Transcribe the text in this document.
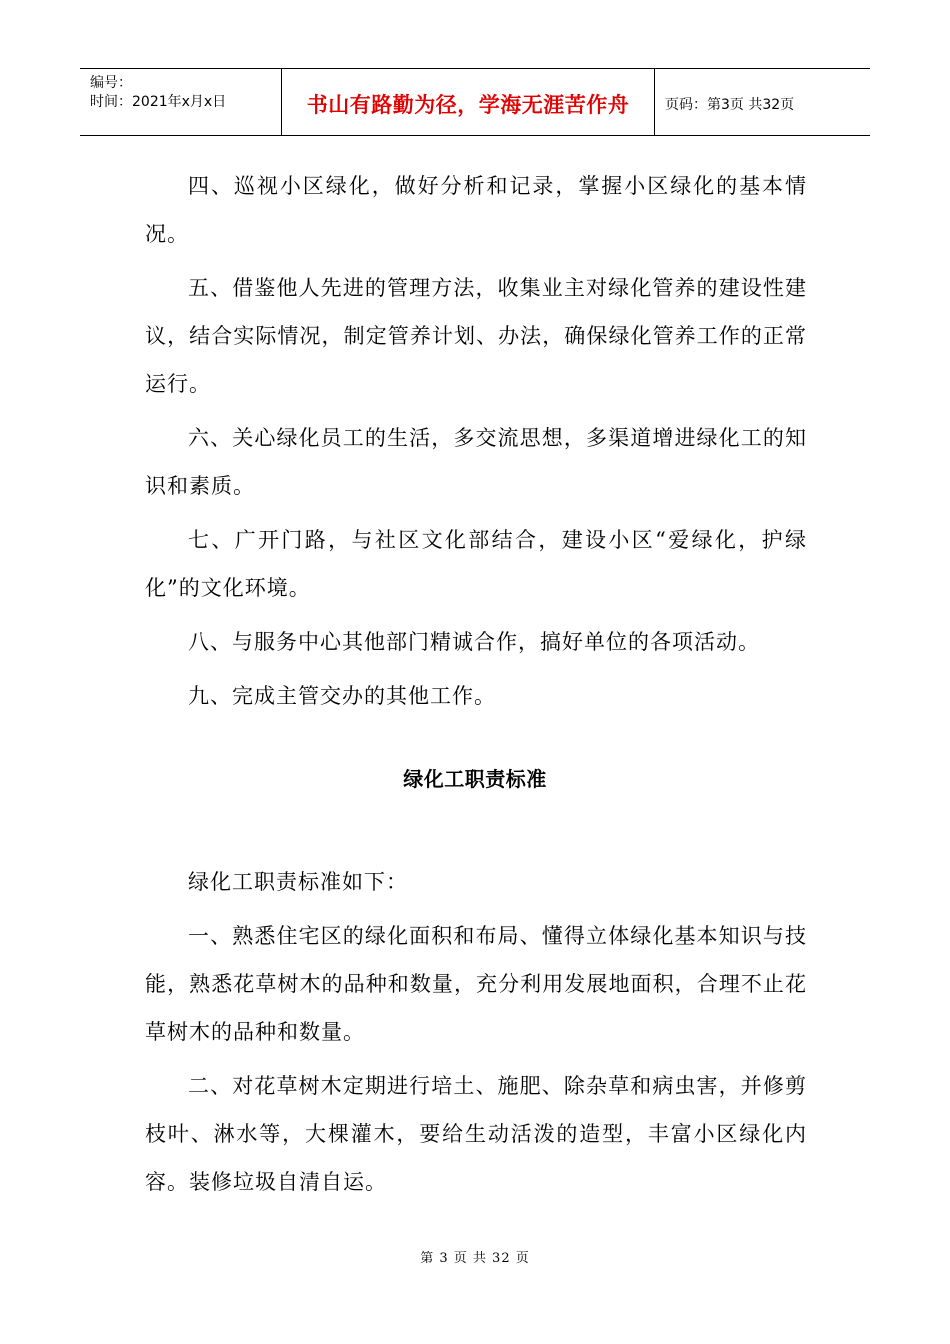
编号：
时间：2021年x月x日	书山有路勤为径，学海无涯苦作舟	页码：第3页 共32页

四、巡视小区绿化，做好分析和记录，掌握小区绿化的基本情况。

五、借鉴他人先进的管理方法，收集业主对绿化管养的建设性建议，结合实际情况，制定管养计划、办法，确保绿化管养工作的正常运行。

六、关心绿化员工的生活，多交流思想，多渠道增进绿化工的知识和素质。

七、广开门路，与社区文化部结合，建设小区“爱绿化，护绿化”的文化环境。

八、与服务中心其他部门精诚合作，搞好单位的各项活动。

九、完成主管交办的其他工作。

绿化工职责标准

绿化工职责标准如下：

一、熟悉住宅区的绿化面积和布局、懂得立体绿化基本知识与技能，熟悉花草树木的品种和数量，充分利用发展地面积，合理不止花草树木的品种和数量。

二、对花草树木定期进行培土、施肥、除杂草和病虫害，并修剪枝叶、淋水等，大棵灌木，要给生动活泼的造型，丰富小区绿化内容。装修垃圾自清自运。

第 3 页 共 32 页
